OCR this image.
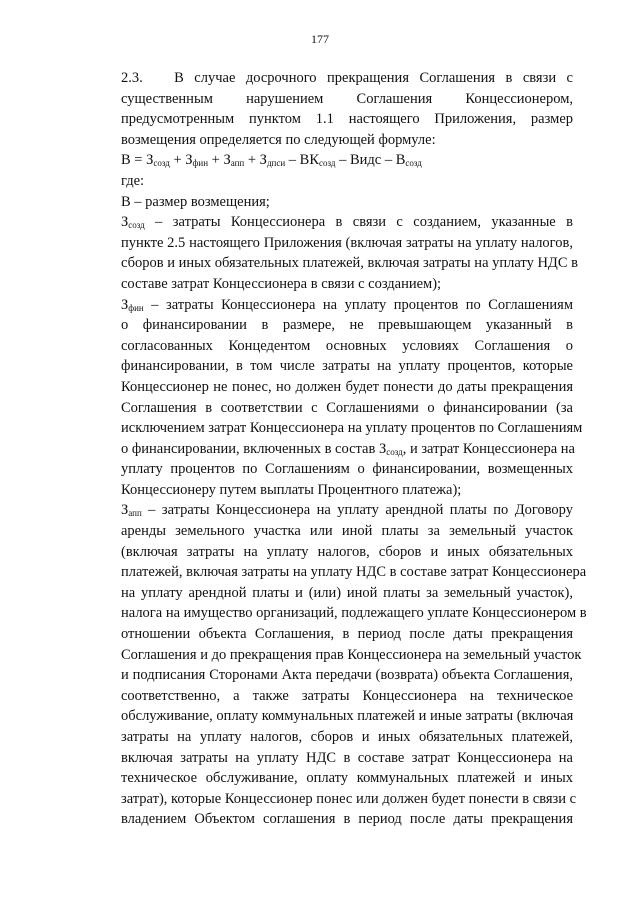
177
2.3.   В случае досрочного прекращения Соглашения в связи с
существенным нарушением Соглашения Концессионером,
предусмотренным пунктом 1.1 настоящего Приложения, размер
возмещения определяется по следующей формуле:
$В = З_{созд} + З_{фин} + З_{апп} + З_{дпси} - ВК_{созд}$ – Видс – $В_{созд}$
где:
В – размер возмещения;
$З_{созд}$ – затраты Концессионера в связи с созданием, указанные в
пункте 2.5 настоящего Приложения (включая затраты на уплату налогов,
сборов и иных обязательных платежей, включая затраты на уплату НДС в
составе затрат Концессионера в связи с созданием);
$З_{фин}$ – затраты Концессионера на уплату процентов по Соглашениям
о финансировании в размере, не превышающем указанный в
согласованных Концедентом основных условиях Соглашения о
финансировании, в том числе затраты на уплату процентов, которые
Концессионер не понес, но должен будет понести до даты прекращения
Соглашения в соответствии с Соглашениями о финансировании (за
исключением затрат Концессионера на уплату процентов по Соглашениям
о финансировании, включенных в состав $З_{созд}$, и затрат Концессионера на
уплату процентов по Соглашениям о финансировании, возмещенных
Концессионеру путем выплаты Процентного платежа);
$З_{апп}$ – затраты Концессионера на уплату арендной платы по Договору
аренды земельного участка или иной платы за земельный участок
(включая затраты на уплату налогов, сборов и иных обязательных
платежей, включая затраты на уплату НДС в составе затрат Концессионера
на уплату арендной платы и (или) иной платы за земельный участок),
налога на имущество организаций, подлежащего уплате Концессионером в
отношении объекта Соглашения, в период после даты прекращения
Соглашения и до прекращения прав Концессионера на земельный участок
и подписания Сторонами Акта передачи (возврата) объекта Соглашения,
соответственно, а также затраты Концессионера на техническое
обслуживание, оплату коммунальных платежей и иные затраты (включая
затраты на уплату налогов, сборов и иных обязательных платежей,
включая затраты на уплату НДС в составе затрат Концессионера на
техническое обслуживание, оплату коммунальных платежей и иных
затрат), которые Концессионер понес или должен будет понести в связи с
владением Объектом соглашения в период после даты прекращения
